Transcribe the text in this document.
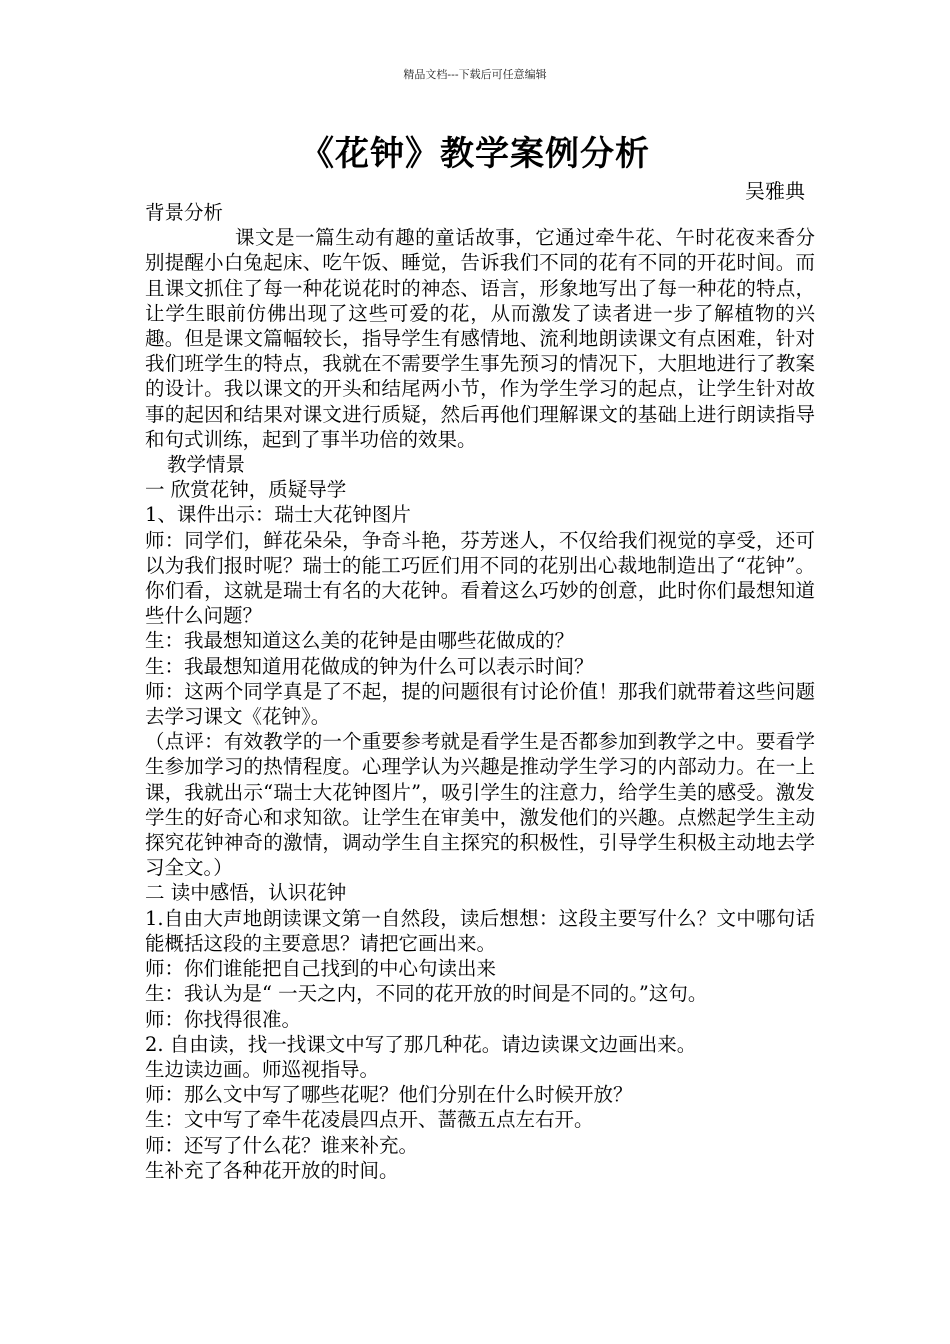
精品文档---下载后可任意编辑
《花钟》教学案例分析
吴雅典

背景分析

课文是一篇生动有趣的童话故事，它通过牵牛花、午时花夜来香分别提醒小白兔起床、吃午饭、睡觉，告诉我们不同的花有不同的开花时间。而且课文抓住了每一种花说花时的神态、语言，形象地写出了每一种花的特点，让学生眼前仿佛出现了这些可爱的花，从而激发了读者进一步了解植物的兴趣。但是课文篇幅较长，指导学生有感情地、流利地朗读课文有点困难，针对我们班学生的特点，我就在不需要学生事先预习的情况下，大胆地进行了教案的设计。我以课文的开头和结尾两小节，作为学生学习的起点，让学生针对故事的起因和结果对课文进行质疑，然后再他们理解课文的基础上进行朗读指导和句式训练，起到了事半功倍的效果。

教学情景

一 欣赏花钟，质疑导学

1、课件出示：瑞士大花钟图片

师：同学们，鲜花朵朵，争奇斗艳，芬芳迷人，不仅给我们视觉的享受，还可以为我们报时呢？瑞士的能工巧匠们用不同的花别出心裁地制造出了“花钟”。你们看，这就是瑞士有名的大花钟。看着这么巧妙的创意，此时你们最想知道些什么问题？

生：我最想知道这么美的花钟是由哪些花做成的？

生：我最想知道用花做成的钟为什么可以表示时间？

师：这两个同学真是了不起，提的问题很有讨论价值！那我们就带着这些问题去学习课文《花钟》。

（点评：有效教学的一个重要参考就是看学生是否都参加到教学之中。要看学生参加学习的热情程度。心理学认为兴趣是推动学生学习的内部动力。在一上课，我就出示“瑞士大花钟图片”，吸引学生的注意力，给学生美的感受。激发学生的好奇心和求知欲。让学生在审美中，激发他们的兴趣。点燃起学生主动探究花钟神奇的激情，调动学生自主探究的积极性，引导学生积极主动地去学习全文。）

二 读中感悟，认识花钟

1.自由大声地朗读课文第一自然段，读后想想：这段主要写什么？文中哪句话能概括这段的主要意思？请把它画出来。

师：你们谁能把自己找到的中心句读出来

生：我认为是“ 一天之内，不同的花开放的时间是不同的。”这句。

师：你找得很准。

2. 自由读，找一找课文中写了那几种花。请边读课文边画出来。

生边读边画。师巡视指导。

师：那么文中写了哪些花呢？他们分别在什么时候开放？

生：文中写了牵牛花凌晨四点开、蔷薇五点左右开。

师：还写了什么花？谁来补充。

生补充了各种花开放的时间。
